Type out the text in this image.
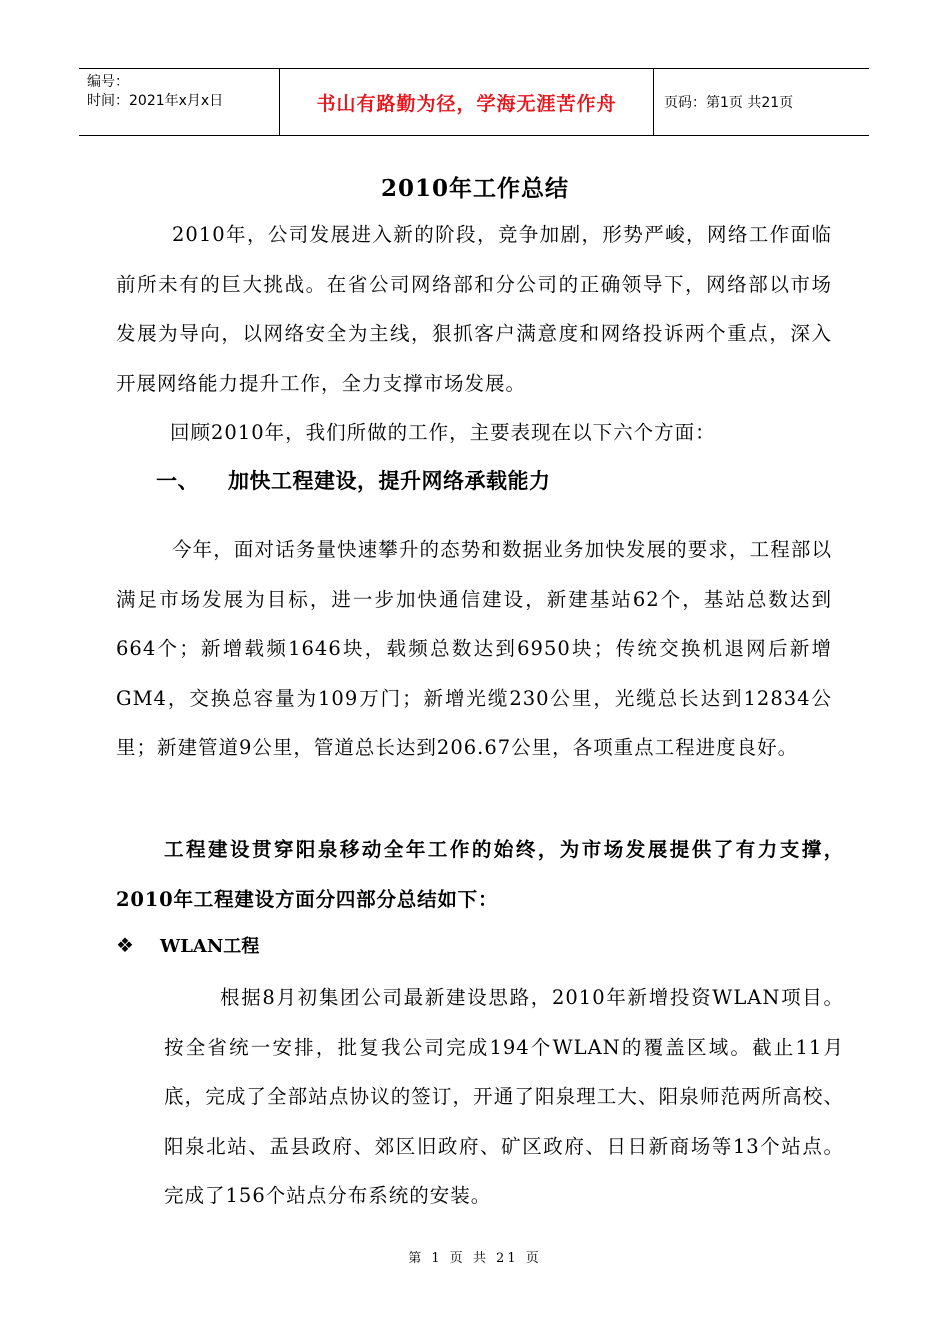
编号：
时间：2021年x月x日	书山有路勤为径，学海无涯苦作舟	页码：第1页 共21页
2010年工作总结

2010年，公司发展进入新的阶段，竞争加剧，形势严峻，网络工作面临前所未有的巨大挑战。在省公司网络部和分公司的正确领导下，网络部以市场发展为导向，以网络安全为主线，狠抓客户满意度和网络投诉两个重点，深入开展网络能力提升工作，全力支撑市场发展。

回顾2010年，我们所做的工作，主要表现在以下六个方面：

一、	加快工程建设，提升网络承载能力

今年，面对话务量快速攀升的态势和数据业务加快发展的要求，工程部以满足市场发展为目标，进一步加快通信建设，新建基站62个，基站总数达到664个；新增载频1646块，载频总数达到6950块；传统交换机退网后新增GM4，交换总容量为109万门；新增光缆230公里，光缆总长达到12834公里；新建管道9公里，管道总长达到206.67公里，各项重点工程进度良好。

工程建设贯穿阳泉移动全年工作的始终，为市场发展提供了有力支撑，2010年工程建设方面分四部分总结如下：

❖	WLAN工程

根据8月初集团公司最新建设思路，2010年新增投资WLAN项目。按全省统一安排，批复我公司完成194个WLAN的覆盖区域。截止11月底，完成了全部站点协议的签订，开通了阳泉理工大、阳泉师范两所高校、阳泉北站、盂县政府、郊区旧政府、矿区政府、日日新商场等13个站点。完成了156个站点分布系统的安装。

第 1 页 共 21 页
